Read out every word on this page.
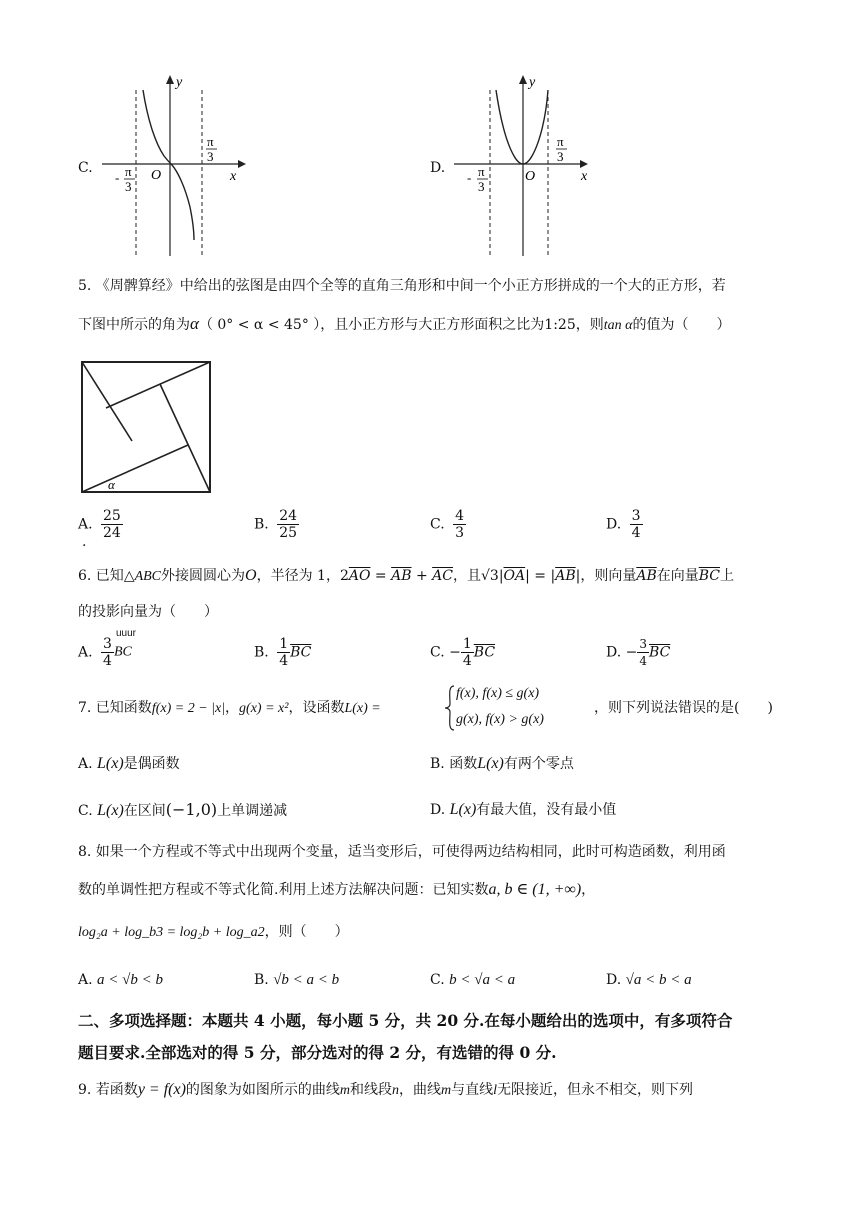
C.
y
x
O
π
3
- π
3
D.
y
x
O
π
3
- π
3
5. 《周髀算经》中给出的弦图是由四个全等的直角三角形和中间一个小正方形拼成的一个大的正方形，若
下图中所示的角为α（ 0° < α < 45° ），且小正方形与大正方形面积之比为1:25，则tan α的值为（　　）
α
A. $\frac{25}{24}$
.
B. $\frac{24}{25}$	C. $\frac{4}{3}$	D. $\frac{3}{4}$
6. 已知△ABC外接圆圆心为O，半径为 1，$2\overline{AO} = \overline{AB} + \overline{AC}$，且$√3|\overline{OA}| = |\overline{AB}|$，则向量$\overline{AB}$在向量$\overline{BC}$上
的投影向量为（　　）
uuur
A. $\frac{3}{4}$ BC	B. $\frac{1}{4} \overline{BC}$	C. − $\frac{1}{4} \overline{BC}$	D. − $\frac{3}{4} \overline{BC}$
7. 已知函数f(x) = 2 − |x|，g(x) = x²，设函数L(x) =
f(x), f(x) ≤ g(x)
g(x), f(x) > g(x)
，则下列说法错误的是(　　)
A. L(x)是偶函数	B. 函数L(x)有两个零点
C. L(x)在区间(−1,0)上单调递减	D. L(x)有最大值，没有最小值
8. 如果一个方程或不等式中出现两个变量，适当变形后，可使得两边结构相同，此时可构造函数，利用函
数的单调性把方程或不等式化简.利用上述方法解决问题：已知实数a, b ∈ (1, +∞)，
log₂a + log_b3 = log₂b + log_a2，则（　　）
A. a < √b < b	B. √b < a < b	C. b < √a < a	D. √a < b < a
二、多项选择题：本题共 4 小题，每小题 5 分，共 20 分.在每小题给出的选项中，有多项符合
题目要求.全部选对的得 5 分，部分选对的得 2 分，有选错的得 0 分.
9. 若函数y = f(x)的图象为如图所示的曲线m和线段n，曲线m与直线l无限接近，但永不相交，则下列
